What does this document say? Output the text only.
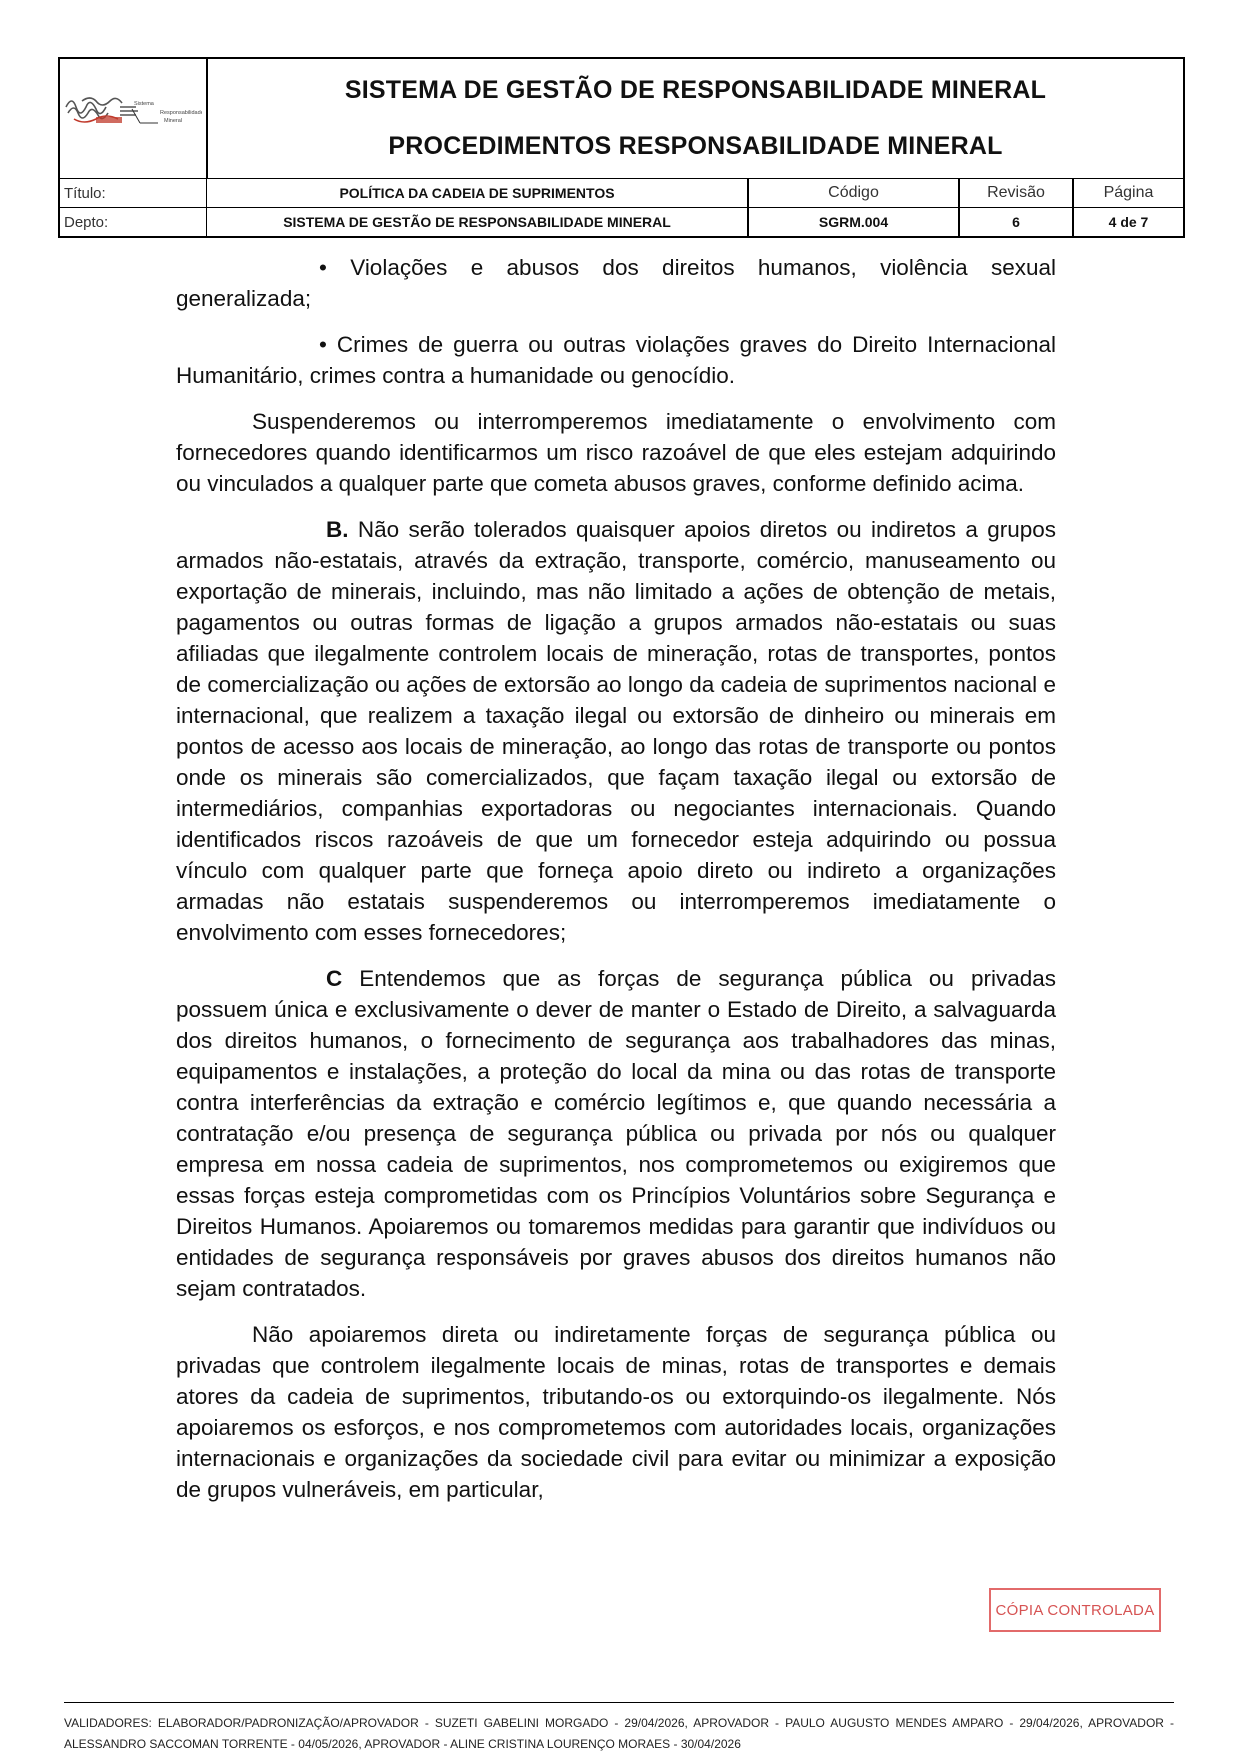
Sistema
Responsabilidade
Mineral
SISTEMA DE GESTÃO DE RESPONSABILIDADE MINERAL
PROCEDIMENTOS RESPONSABILIDADE MINERAL
Título:	POLÍTICA DA CADEIA DE SUPRIMENTOS	Código	Revisão	Página
Depto:	SISTEMA DE GESTÃO DE RESPONSABILIDADE MINERAL	SGRM.004	6	4 de 7

• Violações e abusos dos direitos humanos, violência sexual generalizada;

• Crimes de guerra ou outras violações graves do Direito Internacional Humanitário, crimes contra a humanidade ou genocídio.

Suspenderemos ou interromperemos imediatamente o envolvimento com fornecedores quando identificarmos um risco razoável de que eles estejam adquirindo ou vinculados a qualquer parte que cometa abusos graves, conforme definido acima.

B. Não serão tolerados quaisquer apoios diretos ou indiretos a grupos armados não-estatais, através da extração, transporte, comércio, manuseamento ou exportação de minerais, incluindo, mas não limitado a ações de obtenção de metais, pagamentos ou outras formas de ligação a grupos armados não-estatais ou suas afiliadas que ilegalmente controlem locais de mineração, rotas de transportes, pontos de comercialização ou ações de extorsão ao longo da cadeia de suprimentos nacional e internacional, que realizem a taxação ilegal ou extorsão de dinheiro ou minerais em pontos de acesso aos locais de mineração, ao longo das rotas de transporte ou pontos onde os minerais são comercializados, que façam taxação ilegal ou extorsão de intermediários, companhias exportadoras ou negociantes internacionais. Quando identificados riscos razoáveis de que um fornecedor esteja adquirindo ou possua vínculo com qualquer parte que forneça apoio direto ou indireto a organizações armadas não estatais suspenderemos ou interromperemos imediatamente o envolvimento com esses fornecedores;

C Entendemos que as forças de segurança pública ou privadas possuem única e exclusivamente o dever de manter o Estado de Direito, a salvaguarda dos direitos humanos, o fornecimento de segurança aos trabalhadores das minas, equipamentos e instalações, a proteção do local da mina ou das rotas de transporte contra interferências da extração e comércio legítimos e, que quando necessária a contratação e/ou presença de segurança pública ou privada por nós ou qualquer empresa em nossa cadeia de suprimentos, nos comprometemos ou exigiremos que essas forças esteja comprometidas com os Princípios Voluntários sobre Segurança e Direitos Humanos. Apoiaremos ou tomaremos medidas para garantir que indivíduos ou entidades de segurança responsáveis por graves abusos dos direitos humanos não sejam contratados.

Não apoiaremos direta ou indiretamente forças de segurança pública ou privadas que controlem ilegalmente locais de minas, rotas de transportes e demais atores da cadeia de suprimentos, tributando-os ou extorquindo-os ilegalmente. Nós apoiaremos os esforços, e nos comprometemos com autoridades locais, organizações internacionais e organizações da sociedade civil para evitar ou minimizar a exposição de grupos vulneráveis, em particular,

CÓPIA CONTROLADA
VALIDADORES: ELABORADOR/PADRONIZAÇÃO/APROVADOR - SUZETI GABELINI MORGADO - 29/04/2026, APROVADOR - PAULO AUGUSTO MENDES AMPARO - 29/04/2026, APROVADOR - ALESSANDRO SACCOMAN TORRENTE - 04/05/2026, APROVADOR - ALINE CRISTINA LOURENÇO MORAES - 30/04/2026
